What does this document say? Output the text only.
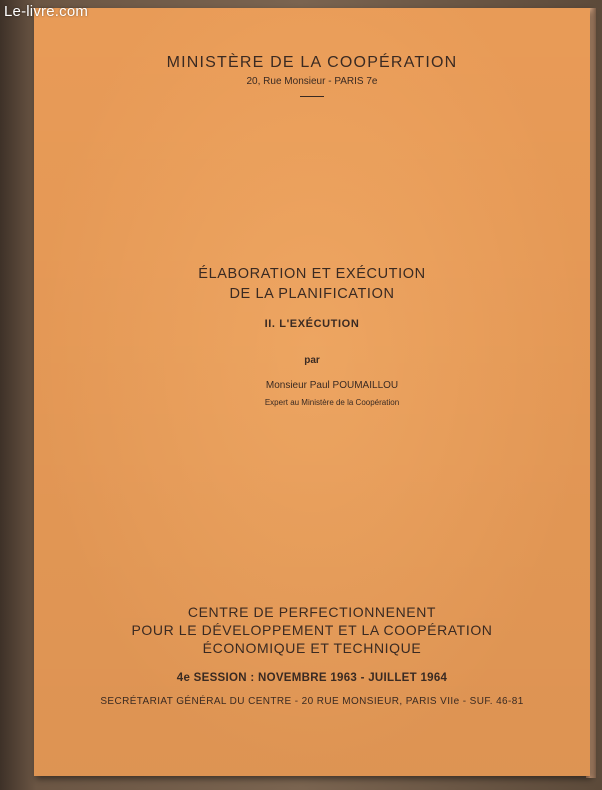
MINISTÈRE DE LA COOPÉRATION
20, Rue Monsieur - PARIS 7e
ÉLABORATION ET EXÉCUTION
DE LA PLANIFICATION
II. L'EXÉCUTION
par
Monsieur Paul POUMAILLOU
Expert au Ministère de la Coopération
CENTRE DE PERFECTIONNENENT
POUR LE DÉVELOPPEMENT ET LA COOPÉRATION
ÉCONOMIQUE ET TECHNIQUE
4e SESSION : NOVEMBRE 1963 - JUILLET 1964
SECRÉTARIAT GÉNÉRAL DU CENTRE - 20 RUE MONSIEUR, PARIS VIIe - SUF. 46-81
Le-livre.com
